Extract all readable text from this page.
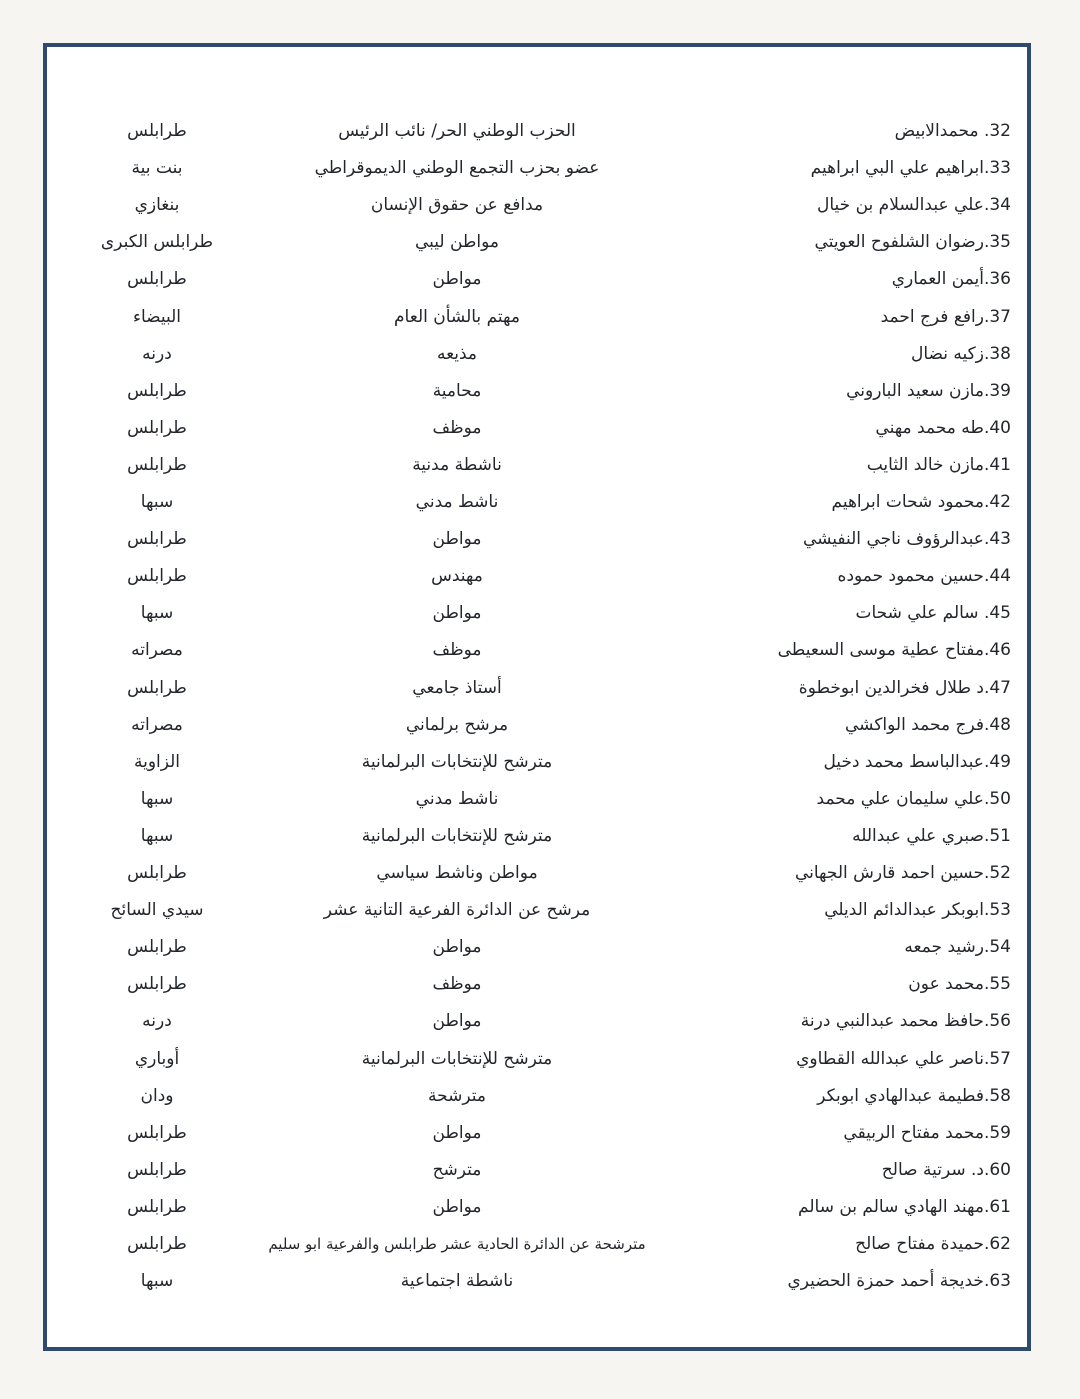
32. محمدالابيض
الحزب الوطني الحر/ نائب الرئيس
طرابلس
33.ابراهيم علي البي ابراهيم
عضو بحزب التجمع الوطني الديموقراطي
بنت بية
34.علي عبدالسلام بن خيال
مدافع عن حقوق الإنسان
بنغازي
35.رضوان الشلفوح العويتي
مواطن ليبي
طرابلس الكبرى
36.أيمن العماري
مواطن
طرابلس
37.رافع فرج احمد
مهتم بالشأن العام
البيضاء
38.زكيه نضال
مذيعه
درنه
39.مازن سعيد الباروني
محامية
طرابلس
40.طه محمد مهني
موظف
طرابلس
41.مازن خالد الثايب
ناشطة مدنية
طرابلس
42.محمود شحات ابراهيم
ناشط مدني
سبها
43.عبدالرؤوف ناجي النفيشي
مواطن
طرابلس
44.حسين محمود حموده
مهندس
طرابلس
45. سالم علي شحات
مواطن
سبها
46.مفتاح عطية موسى السعيطى
موظف
مصراته
47.د طلال فخرالدين ابوخطوة
أستاذ جامعي
طرابلس
48.فرج محمد الواكشي
مرشح برلماني
مصراته
49.عبدالباسط محمد دخيل
مترشح للإنتخابات البرلمانية
الزاوية
50.علي سليمان علي محمد
ناشط مدني
سبها
51.صبري علي عبدالله
مترشح للإنتخابات البرلمانية
سبها
52.حسين احمد قارش الجهاني
مواطن وناشط سياسي
طرابلس
53.ابوبكر عبدالدائم الديلي
مرشح عن الدائرة الفرعية التانية عشر
سيدي السائح
54.رشيد جمعه
مواطن
طرابلس
55.محمد عون
موظف
طرابلس
56.حافظ محمد عبدالنبي درنة
مواطن
درنه
57.ناصر علي عبدالله القطاوي
مترشح للإنتخابات البرلمانية
أوباري
58.فطيمة عبدالهادي ابوبكر
مترشحة
ودان
59.محمد مفتاح الربيقي
مواطن
طرابلس
60.د. سرتية صالح
مترشح
طرابلس
61.مهند الهادي سالم بن سالم
مواطن
طرابلس
62.حميدة مفتاح صالح
مترشحة عن الدائرة الحادية عشر طرابلس والفرعية ابو سليم
طرابلس
63.خديجة أحمد حمزة الحضيري
ناشطة اجتماعية
سبها
